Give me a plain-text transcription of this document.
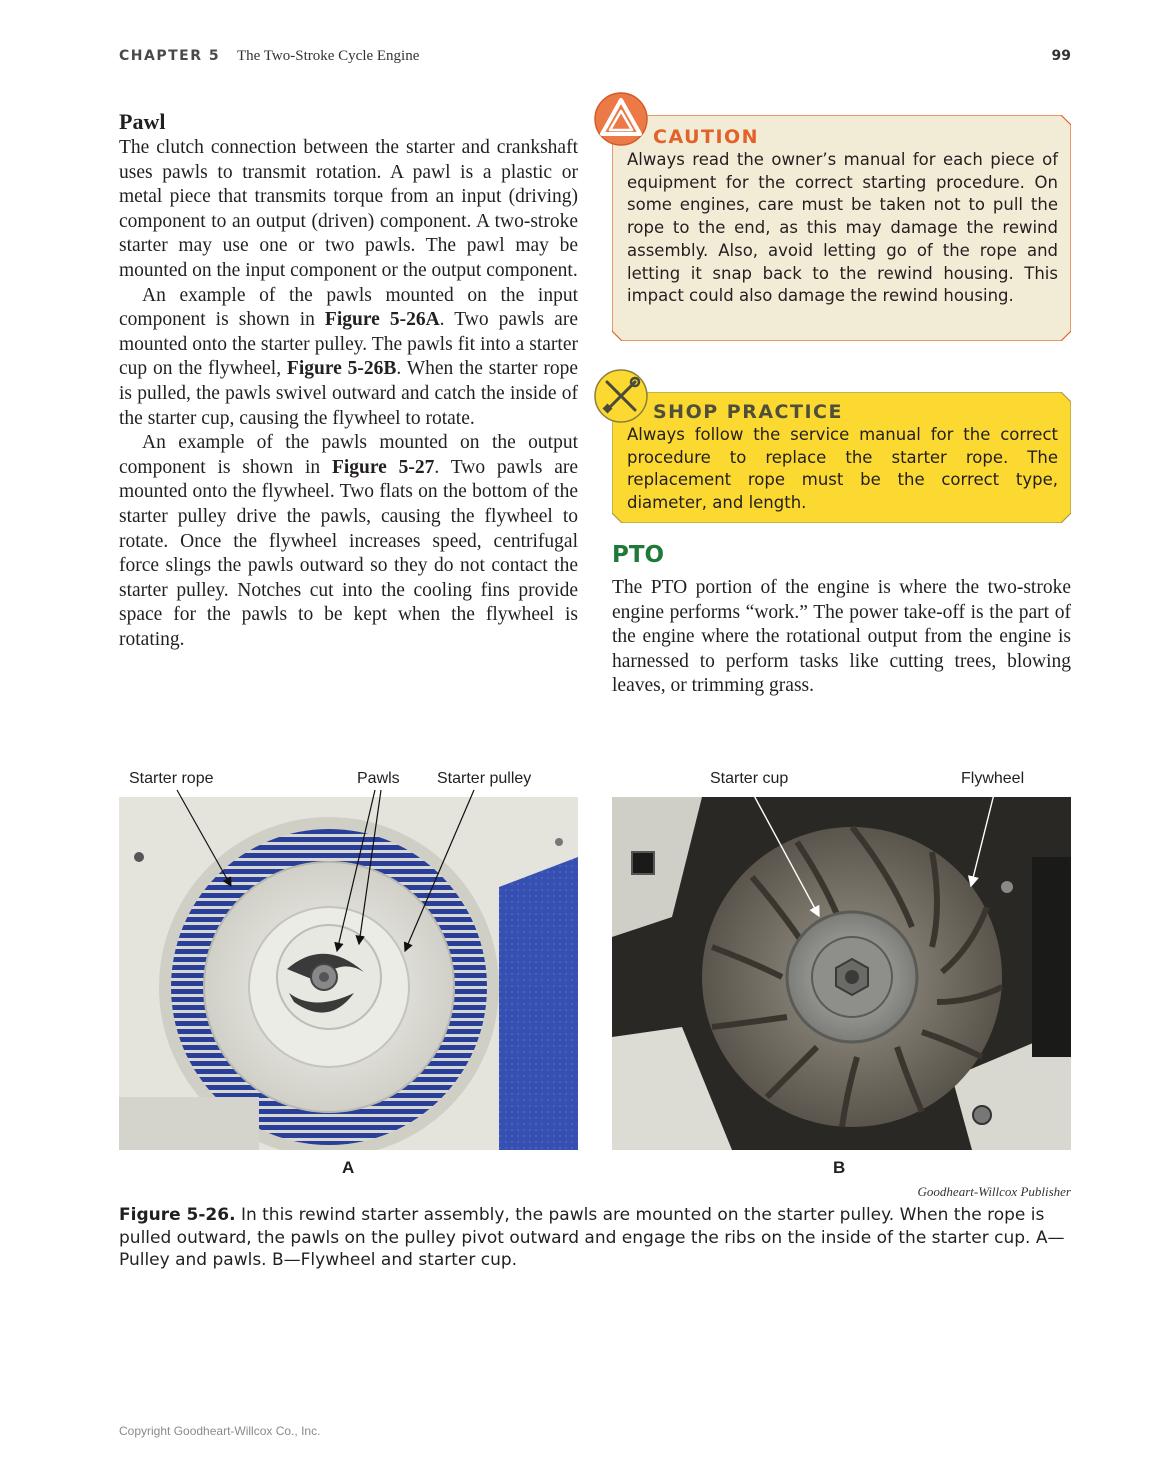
CHAPTER 5 The Two-Stroke Cycle Engine	99
Pawl

The clutch connection between the starter and crankshaft uses pawls to transmit rotation. A pawl is a plastic or metal piece that transmits torque from an input (driving) component to an output (driven) component. A two-stroke starter may use one or two pawls. The pawl may be mounted on the input component or the output component.

An example of the pawls mounted on the input component is shown in Figure 5-26A. Two pawls are mounted onto the starter pulley. The pawls fit into a starter cup on the flywheel, Figure 5-26B. When the starter rope is pulled, the pawls swivel outward and catch the inside of the starter cup, causing the flywheel to rotate.

An example of the pawls mounted on the output component is shown in Figure 5-27. Two pawls are mounted onto the flywheel. Two flats on the bottom of the starter pulley drive the pawls, causing the flywheel to rotate. Once the flywheel increases speed, centrifugal force slings the pawls outward so they do not contact the starter pulley. Notches cut into the cooling fins provide space for the pawls to be kept when the flywheel is rotating.

CAUTION

Always read the owner’s manual for each piece of equipment for the correct starting procedure. On some engines, care must be taken not to pull the rope to the end, as this may damage the rewind assembly. Also, avoid letting go of the rope and letting it snap back to the rewind housing. This impact could also damage the rewind housing.

SHOP PRACTICE

Always follow the service manual for the correct procedure to replace the starter rope. The replacement rope must be the correct type, diameter, and length.

PTO

The PTO portion of the engine is where the two-stroke engine performs “work.” The power take-off is the part of the engine where the rotational output from the engine is harnessed to perform tasks like cutting trees, blowing leaves, or trimming grass.

Starter rope	Pawls Starter pulley	Starter cup	Flywheel
A	B
Goodheart-Willcox Publisher

Figure 5-26. In this rewind starter assembly, the pawls are mounted on the starter pulley. When the rope is pulled outward, the pawls on the pulley pivot outward and engage the ribs on the inside of the starter cup. A—Pulley and pawls. B—Flywheel and starter cup.

Copyright Goodheart-Willcox Co., Inc.
